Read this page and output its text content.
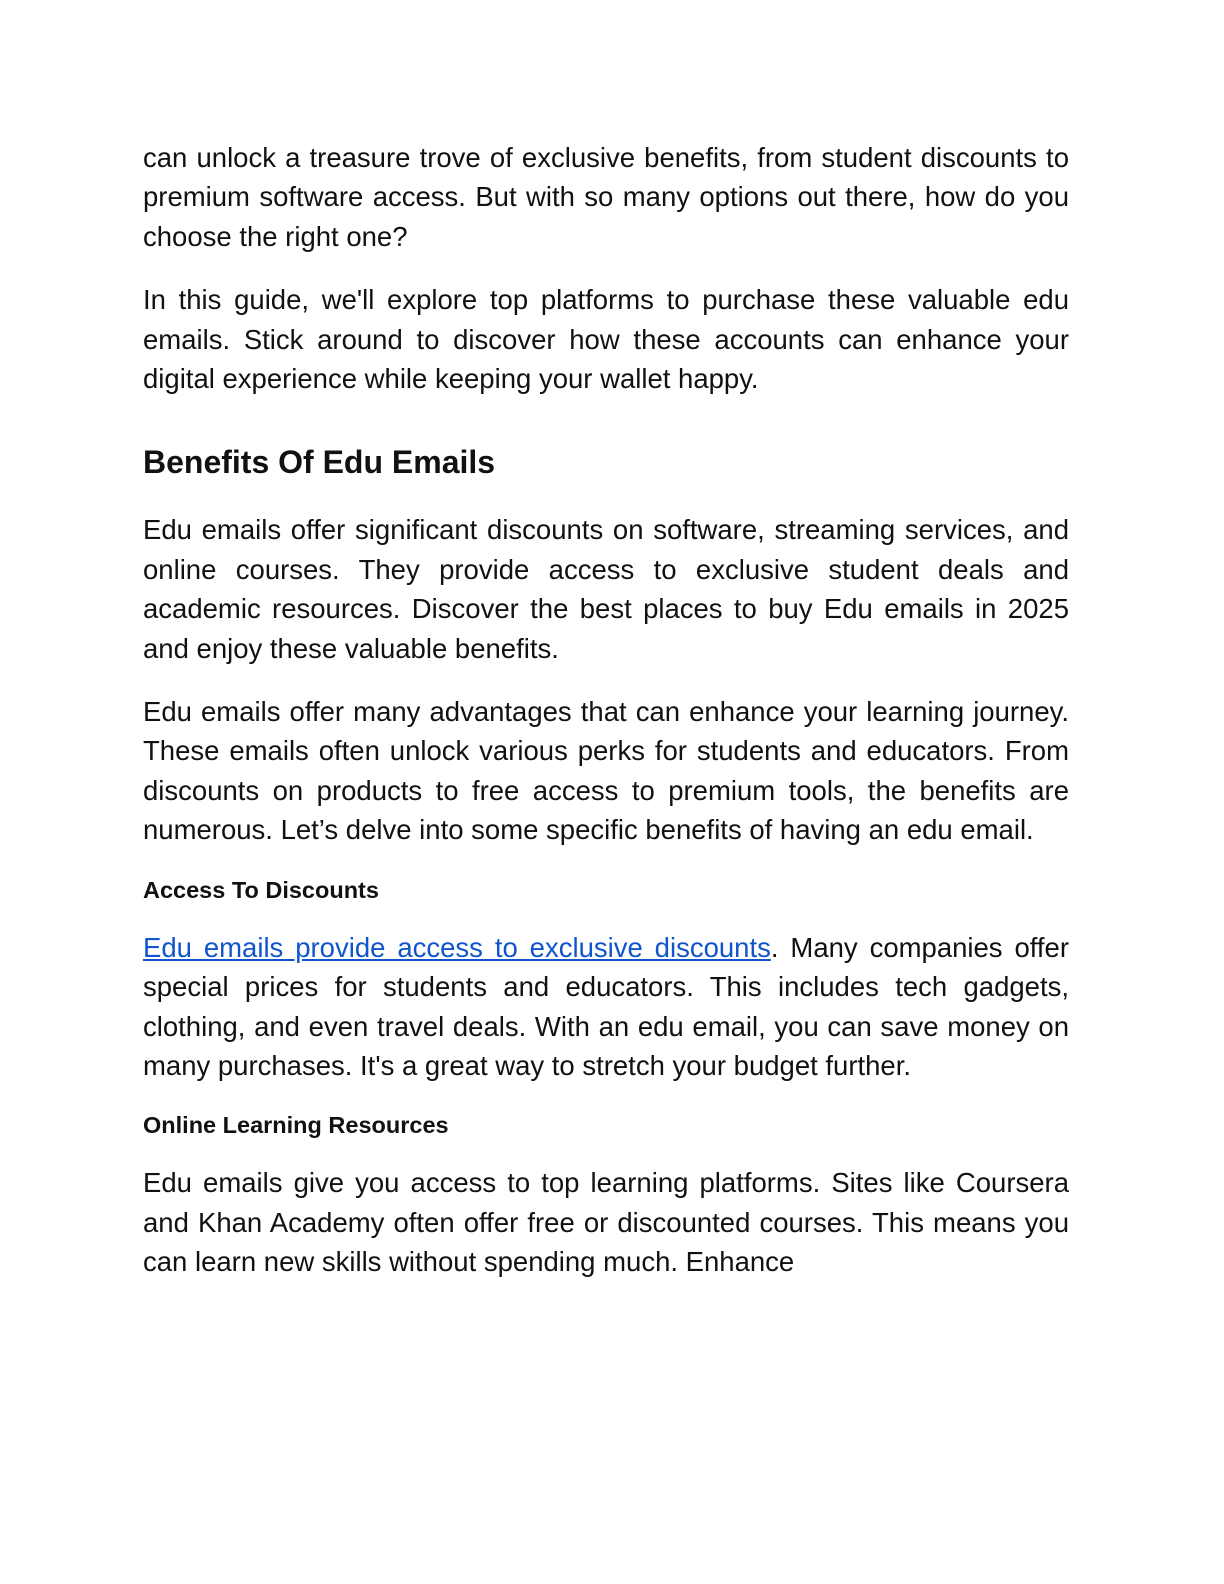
can unlock a treasure trove of exclusive benefits, from student discounts to premium software access. But with so many options out there, how do you choose the right one?

In this guide, we'll explore top platforms to purchase these valuable edu emails. Stick around to discover how these accounts can enhance your digital experience while keeping your wallet happy.

Benefits Of Edu Emails

Edu emails offer significant discounts on software, streaming services, and online courses. They provide access to exclusive student deals and academic resources. Discover the best places to buy Edu emails in 2025 and enjoy these valuable benefits.

Edu emails offer many advantages that can enhance your learning journey. These emails often unlock various perks for students and educators. From discounts on products to free access to premium tools, the benefits are numerous. Let’s delve into some specific benefits of having an edu email.

Access To Discounts

Edu emails provide access to exclusive discounts. Many companies offer special prices for students and educators. This includes tech gadgets, clothing, and even travel deals. With an edu email, you can save money on many purchases. It's a great way to stretch your budget further.

Online Learning Resources

Edu emails give you access to top learning platforms. Sites like Coursera and Khan Academy often offer free or discounted courses. This means you can learn new skills without spending much. Enhance
